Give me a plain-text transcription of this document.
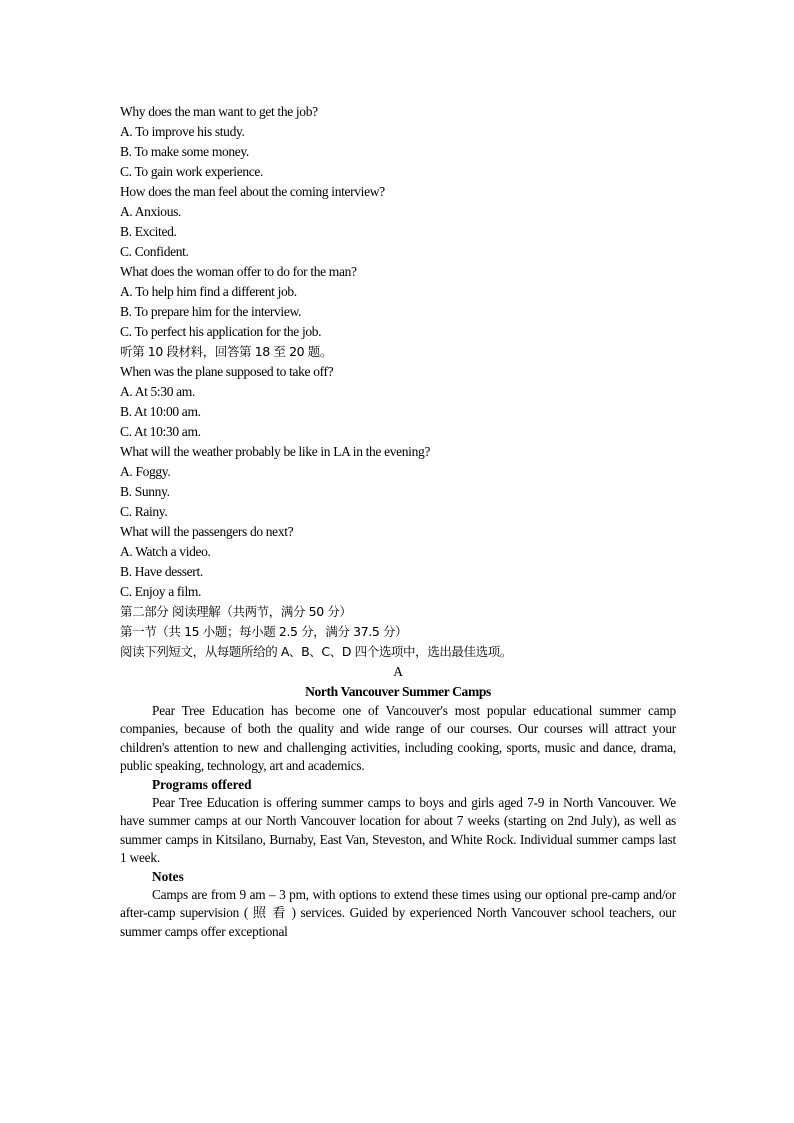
Why does the man want to get the job?
A. To improve his study.
B. To make some money.
C. To gain work experience.
How does the man feel about the coming interview?
A. Anxious.
B. Excited.
C. Confident.
What does the woman offer to do for the man?
A. To help him find a different job.
B. To prepare him for the interview.
C. To perfect his application for the job.
听第 10 段材料，回答第 18 至 20 题。
When was the plane supposed to take off?
A. At 5:30 am.
B. At 10:00 am.
C. At 10:30 am.
What will the weather probably be like in LA in the evening?
A. Foggy.
B. Sunny.
C. Rainy.
What will the passengers do next?
A. Watch a video.
B. Have dessert.
C. Enjoy a film.
第二部分 阅读理解（共两节，满分 50 分）
第一节（共 15 小题；每小题 2.5 分，满分 37.5 分）
阅读下列短文，从每题所给的 A、B、C、D 四个选项中，选出最佳选项。
A
North Vancouver Summer Camps

Pear Tree Education has become one of Vancouver's most popular educational summer camp companies, because of both the quality and wide range of our courses. Our courses will attract your children's attention to new and challenging activities, including cooking, sports, music and dance, drama, public speaking, technology, art and academics.

Programs offered

Pear Tree Education is offering summer camps to boys and girls aged 7-9 in North Vancouver. We have summer camps at our North Vancouver location for about 7 weeks (starting on 2nd July), as well as summer camps in Kitsilano, Burnaby, East Van, Steveston, and White Rock. Individual summer camps last 1 week.

Notes

Camps are from 9 am – 3 pm, with options to extend these times using our optional pre-camp and/or after-camp supervision ( 照 看 ) services. Guided by experienced North Vancouver school teachers, our summer camps offer exceptional
